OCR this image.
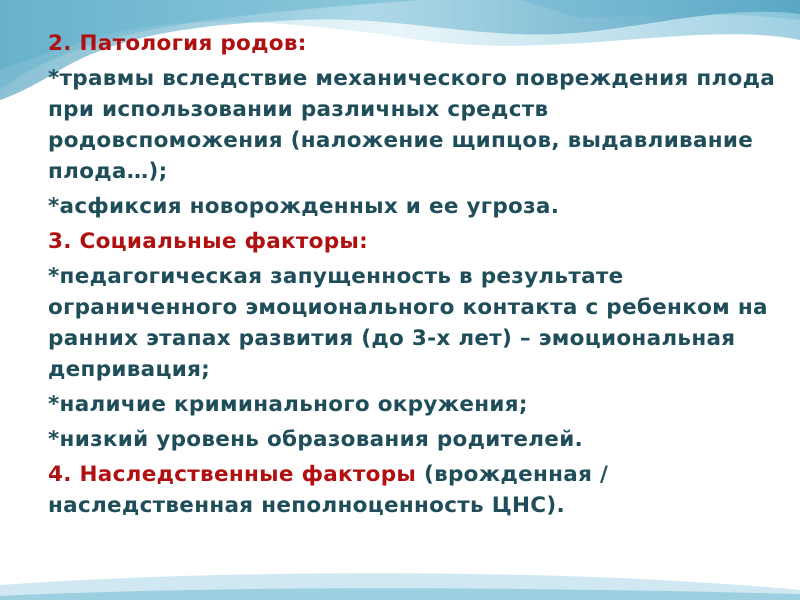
2. Патология родов:

*травмы вследствие механического повреждения плода при использовании различных средств родовспоможения (наложение щипцов, выдавливание плода…);

*асфиксия новорожденных и ее угроза.

3. Социальные факторы:

*педагогическая запущенность в результате ограниченного эмоционального контакта с ребенком на ранних этапах развития (до 3-х лет) – эмоциональная депривация;

*наличие криминального окружения;

*низкий уровень образования родителей.

4. Наследственные факторы (врожденная /наследственная неполноценность ЦНС).
